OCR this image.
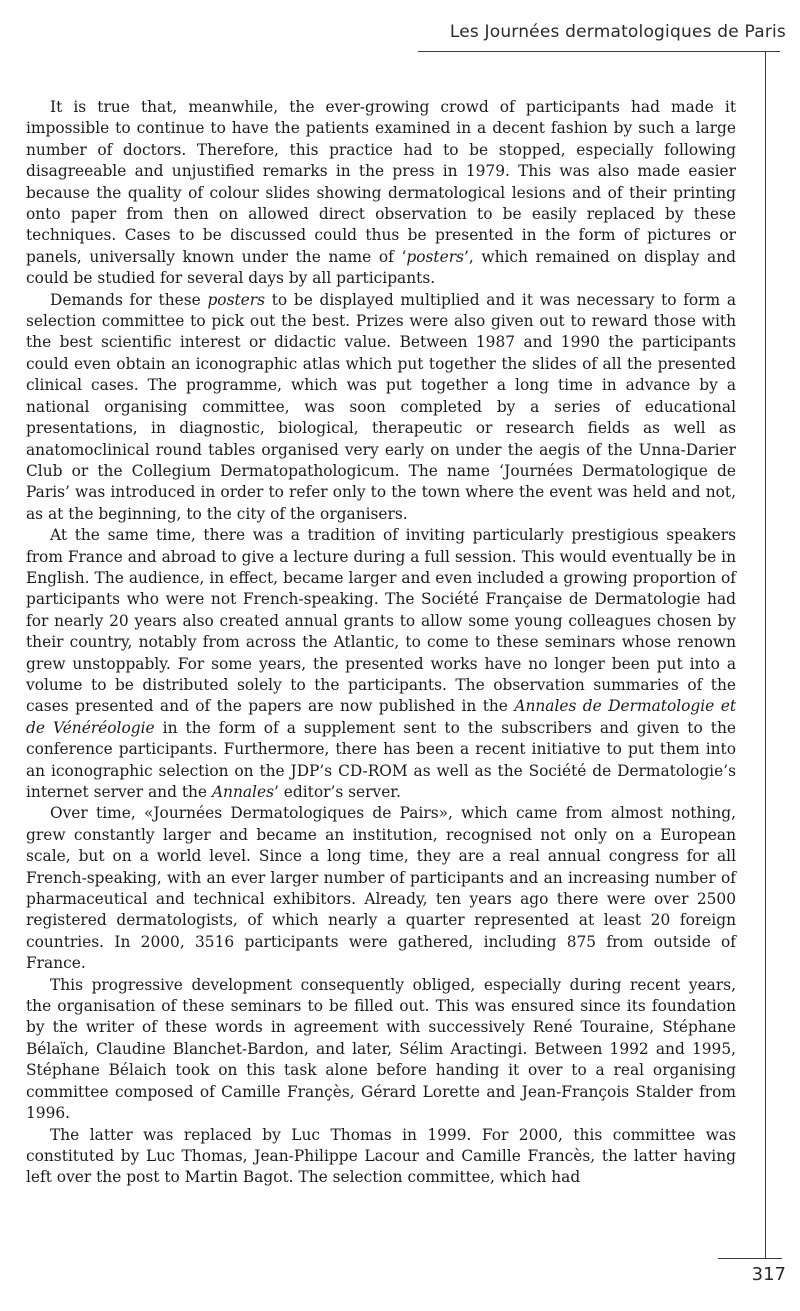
Les Journées dermatologiques de Paris

It is true that, meanwhile, the ever-growing crowd of participants had made it impossible to continue to have the patients examined in a decent fashion by such a large number of doctors. Therefore, this practice had to be stopped, especially following disagreeable and unjustified remarks in the press in 1979. This was also made easier because the quality of colour slides showing dermatological lesions and of their printing onto paper from then on allowed direct observation to be easily replaced by these techniques. Cases to be discussed could thus be presented in the form of pictures or panels, universally known under the name of ‘posters’, which remained on display and could be studied for several days by all participants.

Demands for these posters to be displayed multiplied and it was necessary to form a selection committee to pick out the best. Prizes were also given out to reward those with the best scientific interest or didactic value. Between 1987 and 1990 the participants could even obtain an iconographic atlas which put together the slides of all the presented clinical cases. The programme, which was put together a long time in advance by a national organising committee, was soon completed by a series of educational presentations, in diagnostic, biological, therapeutic or research fields as well as anatomoclinical round tables organised very early on under the aegis of the Unna-Darier Club or the Collegium Dermatopathologicum. The name ‘Journées Dermatologique de Paris’ was introduced in order to refer only to the town where the event was held and not, as at the beginning, to the city of the organisers.

At the same time, there was a tradition of inviting particularly prestigious speakers from France and abroad to give a lecture during a full session. This would eventually be in English. The audience, in effect, became larger and even included a growing proportion of participants who were not French-speaking. The Société Française de Dermatologie had for nearly 20 years also created annual grants to allow some young colleagues chosen by their country, notably from across the Atlantic, to come to these seminars whose renown grew unstoppably. For some years, the presented works have no longer been put into a volume to be distributed solely to the participants. The observation summaries of the cases presented and of the papers are now published in the Annales de Dermatologie et de Vénéréologie in the form of a supplement sent to the subscribers and given to the conference participants. Furthermore, there has been a recent initiative to put them into an iconographic selection on the JDP’s CD-ROM as well as the Société de Dermatologie’s internet server and the Annales’ editor’s server.

Over time, «Journées Dermatologiques de Pairs», which came from almost nothing, grew constantly larger and became an institution, recognised not only on a European scale, but on a world level. Since a long time, they are a real annual congress for all French-speaking, with an ever larger number of participants and an increasing number of pharmaceutical and technical exhibitors. Already, ten years ago there were over 2500 registered dermatologists, of which nearly a quarter represented at least 20 foreign countries. In 2000, 3516 participants were gathered, including 875 from outside of France.

This progressive development consequently obliged, especially during recent years, the organisation of these seminars to be filled out. This was ensured since its foundation by the writer of these words in agreement with successively René Touraine, Stéphane Bélaïch, Claudine Blanchet-Bardon, and later, Sélim Aractingi. Between 1992 and 1995, Stéphane Bélaich took on this task alone before handing it over to a real organising committee composed of Camille Françès, Gérard Lorette and Jean-François Stalder from 1996.

The latter was replaced by Luc Thomas in 1999. For 2000, this committee was constituted by Luc Thomas, Jean-Philippe Lacour and Camille Francès, the latter having left over the post to Martin Bagot. The selection committee, which had

317
